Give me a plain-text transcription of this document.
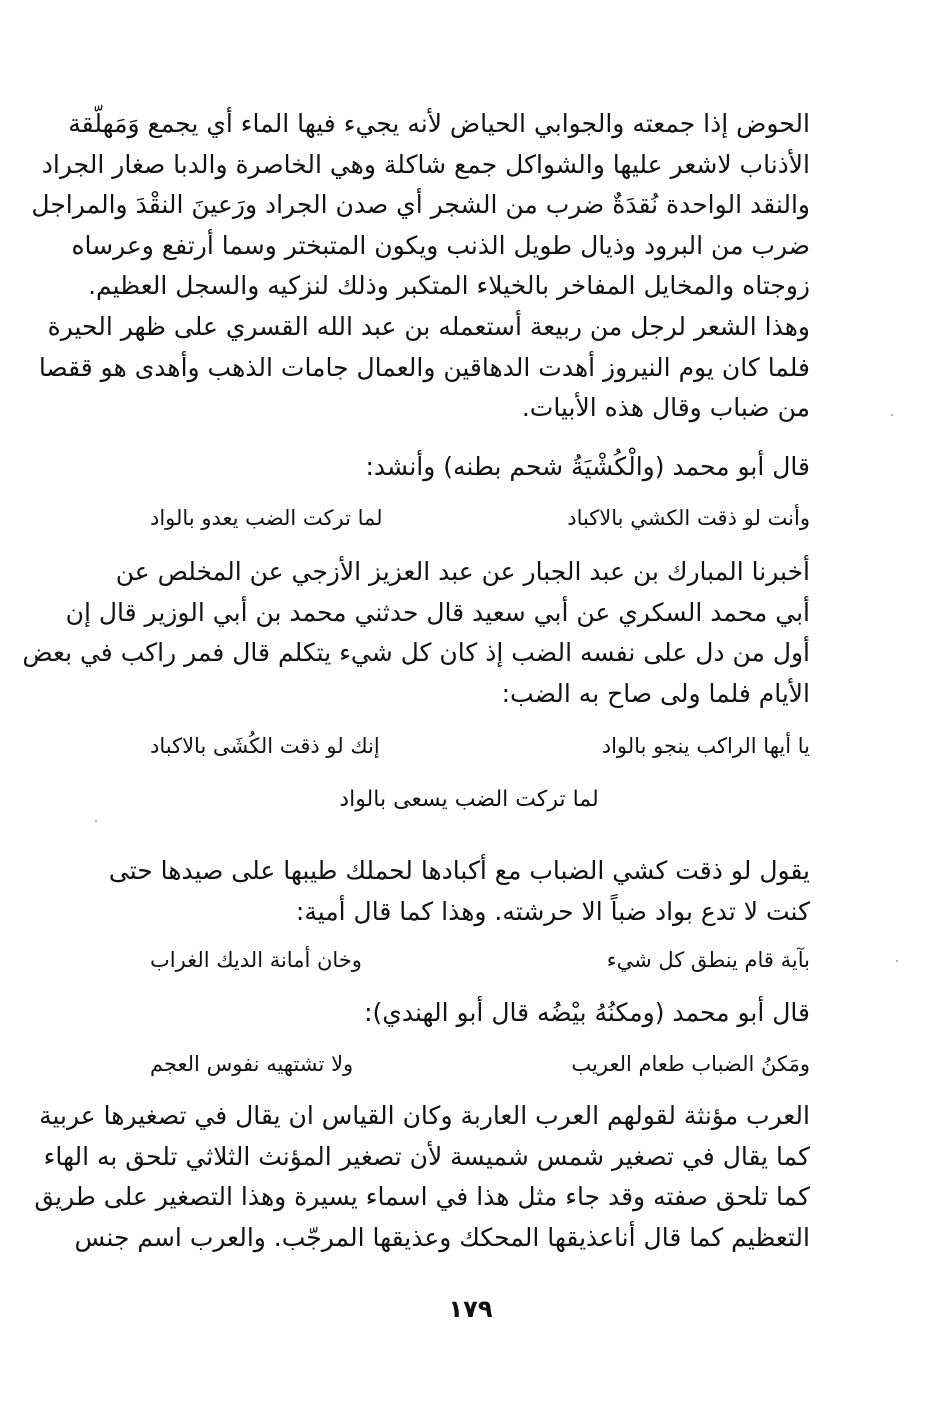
الحوض إذا جمعته والجوابي الحياض لأنه يجيء فيها الماء أي يجمع وَمَهلّقة
الأذناب لاشعر عليها والشواكل جمع شاكلة وهي الخاصرة والدبا صغار الجراد
والنقد الواحدة نُقدَةٌ ضرب من الشجر أي صدن الجراد ورَعينَ النقْدَ والمراجل
ضرب من البرود وذيال طويل الذنب ويكون المتبختر وسما أرتفع وعرساه
زوجتاه والمخايل المفاخر بالخيلاء المتكبر وذلك لنزكيه والسجل العظيم.
وهذا الشعر لرجل من ربيعة أستعمله بن عبد الله القسري على ظهر الحيرة
فلما كان يوم النيروز أهدت الدهاقين والعمال جامات الذهب وأهدى هو ققصا
من ضباب وقال هذه الأبيات.
قال أبو محمد (والْكُشْيَةُ شحم بطنه) وأنشد:
وأنت لو ذقت الكشي بالاكباد
لما تركت الضب يعدو بالواد
أخبرنا المبارك بن عبد الجبار عن عبد العزيز الأزجي عن المخلص عن
أبي محمد السكري عن أبي سعيد قال حدثني محمد بن أبي الوزير قال إن
أول من دل على نفسه الضب إذ كان كل شيء يتكلم قال فمر راكب في بعض
الأيام فلما ولى صاح به الضب:
يا أيها الراكب ينجو بالواد
إنك لو ذقت الكُشَى بالاكباد
لما تركت الضب يسعى بالواد
يقول لو ذقت كشي الضباب مع أكبادها لحملك طيبها على صيدها حتى
كنت لا تدع بواد ضباً الا حرشته. وهذا كما قال أمية:
بآية قام ينطق كل شيء
وخان أمانة الديك الغراب
قال أبو محمد (ومكنُهُ بيْضُه قال أبو الهندي):
ومَكنُ الضباب طعام العريب
ولا تشتهيه نفوس العجم
العرب مؤنثة لقولهم العرب العاربة وكان القياس ان يقال في تصغيرها عربية
كما يقال في تصغير شمس شميسة لأن تصغير المؤنث الثلاثي تلحق به الهاء
كما تلحق صفته وقد جاء مثل هذا في اسماء يسيرة وهذا التصغير على طريق
التعظيم كما قال أناعذيقها المحكك وعذيقها المرجّب. والعرب اسم جنس
١٧٩
